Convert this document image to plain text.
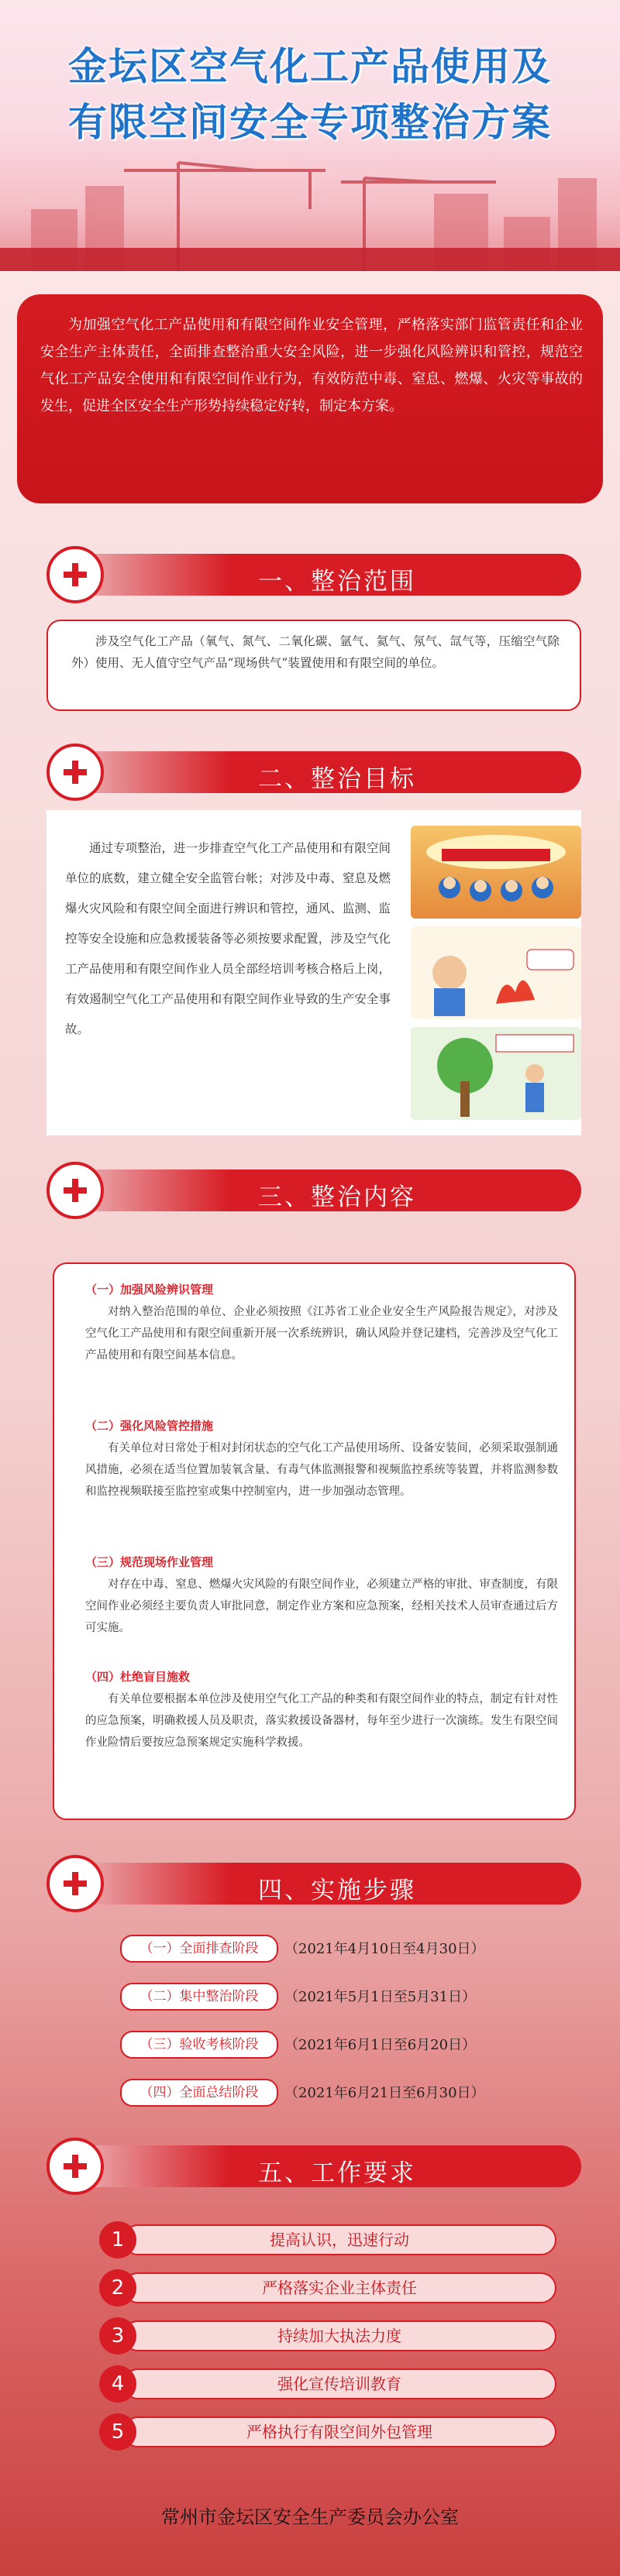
金坛区空气化工产品使用及
有限空间安全专项整治方案
为加强空气化工产品使用和有限空间作业安全管理，严格落实部门监管责任和企业安全生产主体责任，全面排查整治重大安全风险，进一步强化风险辨识和管控，规范空气化工产品安全使用和有限空间作业行为，有效防范中毒、窒息、燃爆、火灾等事故的发生，促进全区安全生产形势持续稳定好转，制定本方案。
一、整治范围
涉及空气化工产品（氧气、氮气、二氧化碳、氩气、氦气、氖气、氙气等，压缩空气除外）使用、无人值守空气产品“现场供气”装置使用和有限空间的单位。
二、整治目标
通过专项整治，进一步排查空气化工产品使用和有限空间单位的底数，建立健全安全监管台帐；对涉及中毒、窒息及燃爆火灾风险和有限空间全面进行辨识和管控，通风、监测、监控等安全设施和应急救援装备等必须按要求配置，涉及空气化工产品使用和有限空间作业人员全部经培训考核合格后上岗，有效遏制空气化工产品使用和有限空间作业导致的生产安全事故。
三、整治内容
（一）加强风险辨识管理
对纳入整治范围的单位、企业必须按照《江苏省工业企业安全生产风险报告规定》，对涉及空气化工产品使用和有限空间重新开展一次系统辨识，确认风险并登记建档，完善涉及空气化工产品使用和有限空间基本信息。
（二）强化风险管控措施
有关单位对日常处于相对封闭状态的空气化工产品使用场所、设备安装间，必须采取强制通风措施，必须在适当位置加装氧含量、有毒气体监测报警和视频监控系统等装置，并将监测参数和监控视频联接至监控室或集中控制室内，进一步加强动态管理。
（三）规范现场作业管理
对存在中毒、窒息、燃爆火灾风险的有限空间作业，必须建立严格的审批、审查制度，有限空间作业必须经主要负责人审批同意，制定作业方案和应急预案，经相关技术人员审查通过后方可实施。
（四）杜绝盲目施救
有关单位要根据本单位涉及使用空气化工产品的种类和有限空间作业的特点，制定有针对性的应急预案，明确救援人员及职责，落实救援设备器材，每年至少进行一次演练。发生有限空间作业险情后要按应急预案规定实施科学救援。
四、实施步骤
（一）全面排查阶段	（2021年4月10日至4月30日）
（二）集中整治阶段	（2021年5月1日至5月31日）
（三）验收考核阶段	（2021年6月1日至6月20日）
（四）全面总结阶段	（2021年6月21日至6月30日）
五、工作要求
提高认识，迅速行动
1
严格落实企业主体责任
2
持续加大执法力度
3
强化宣传培训教育
4
严格执行有限空间外包管理
5
常州市金坛区安全生产委员会办公室
